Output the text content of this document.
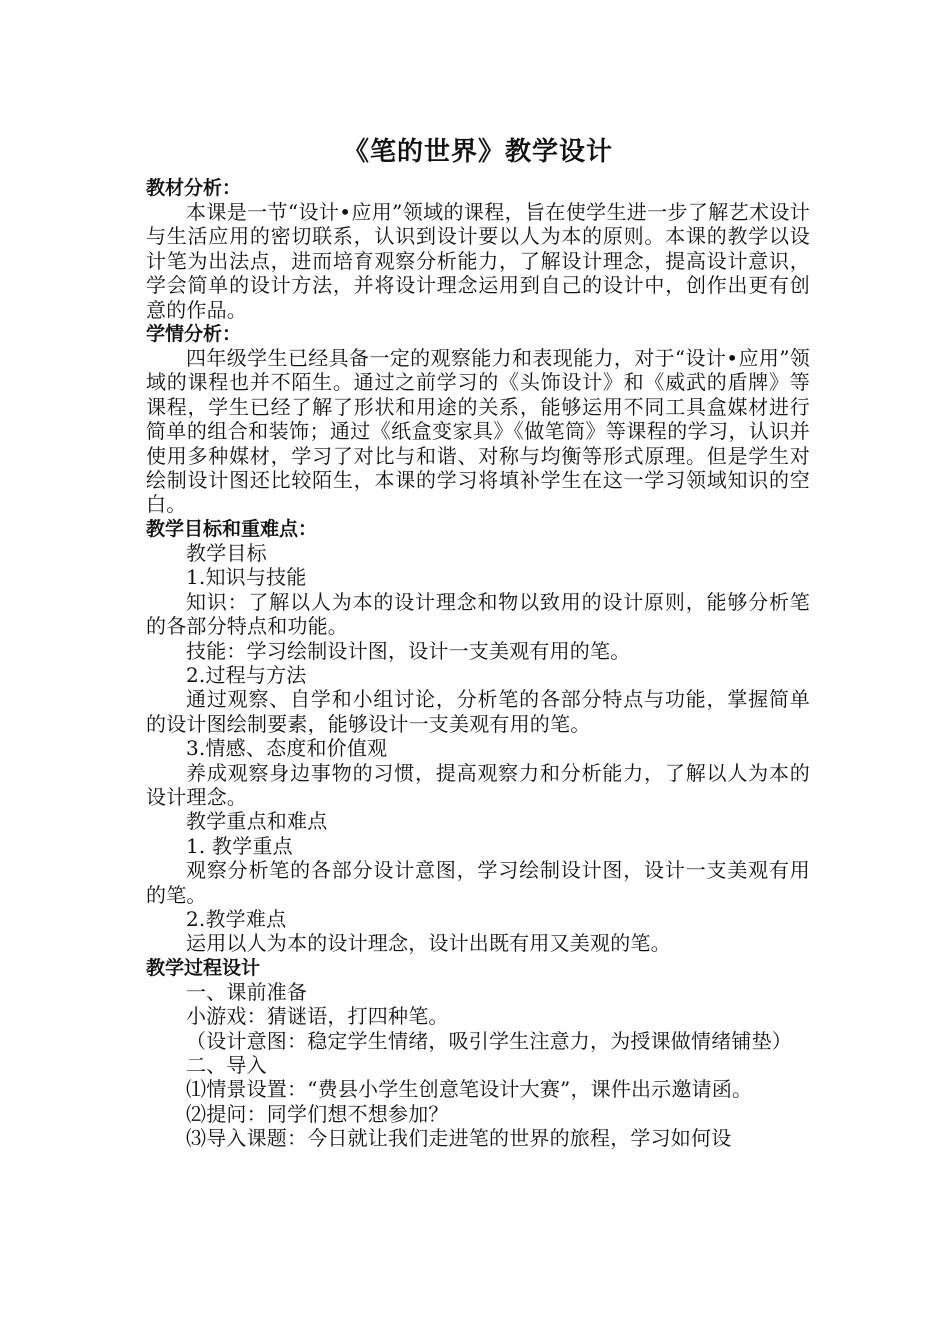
《笔的世界》教学设计

教材分析：

本课是一节“设计•应用”领域的课程，旨在使学生进一步了解艺术设计与生活应用的密切联系，认识到设计要以人为本的原则。本课的教学以设计笔为出法点，进而培育观察分析能力，了解设计理念，提高设计意识，学会简单的设计方法，并将设计理念运用到自己的设计中，创作出更有创意的作品。

学情分析：

四年级学生已经具备一定的观察能力和表现能力，对于“设计•应用”领域的课程也并不陌生。通过之前学习的《头饰设计》和《威武的盾牌》等课程，学生已经了解了形状和用途的关系，能够运用不同工具盒媒材进行简单的组合和装饰；通过《纸盒变家具》《做笔筒》等课程的学习，认识并使用多种媒材，学习了对比与和谐、对称与均衡等形式原理。但是学生对绘制设计图还比较陌生，本课的学习将填补学生在这一学习领域知识的空白。

教学目标和重难点：

教学目标

1.知识与技能

知识：了解以人为本的设计理念和物以致用的设计原则，能够分析笔的各部分特点和功能。

技能：学习绘制设计图，设计一支美观有用的笔。

2.过程与方法

通过观察、自学和小组讨论，分析笔的各部分特点与功能，掌握简单的设计图绘制要素，能够设计一支美观有用的笔。

3.情感、态度和价值观

养成观察身边事物的习惯，提高观察力和分析能力，了解以人为本的设计理念。

教学重点和难点

1. 教学重点

观察分析笔的各部分设计意图，学习绘制设计图，设计一支美观有用的笔。

2.教学难点

运用以人为本的设计理念，设计出既有用又美观的笔。

教学过程设计

一、课前准备

小游戏：猜谜语，打四种笔。

（设计意图：稳定学生情绪，吸引学生注意力，为授课做情绪铺垫）

二、导入

⑴情景设置：“费县小学生创意笔设计大赛”，课件出示邀请函。

⑵提问：同学们想不想参加？

⑶导入课题：今日就让我们走进笔的世界的旅程，学习如何设
